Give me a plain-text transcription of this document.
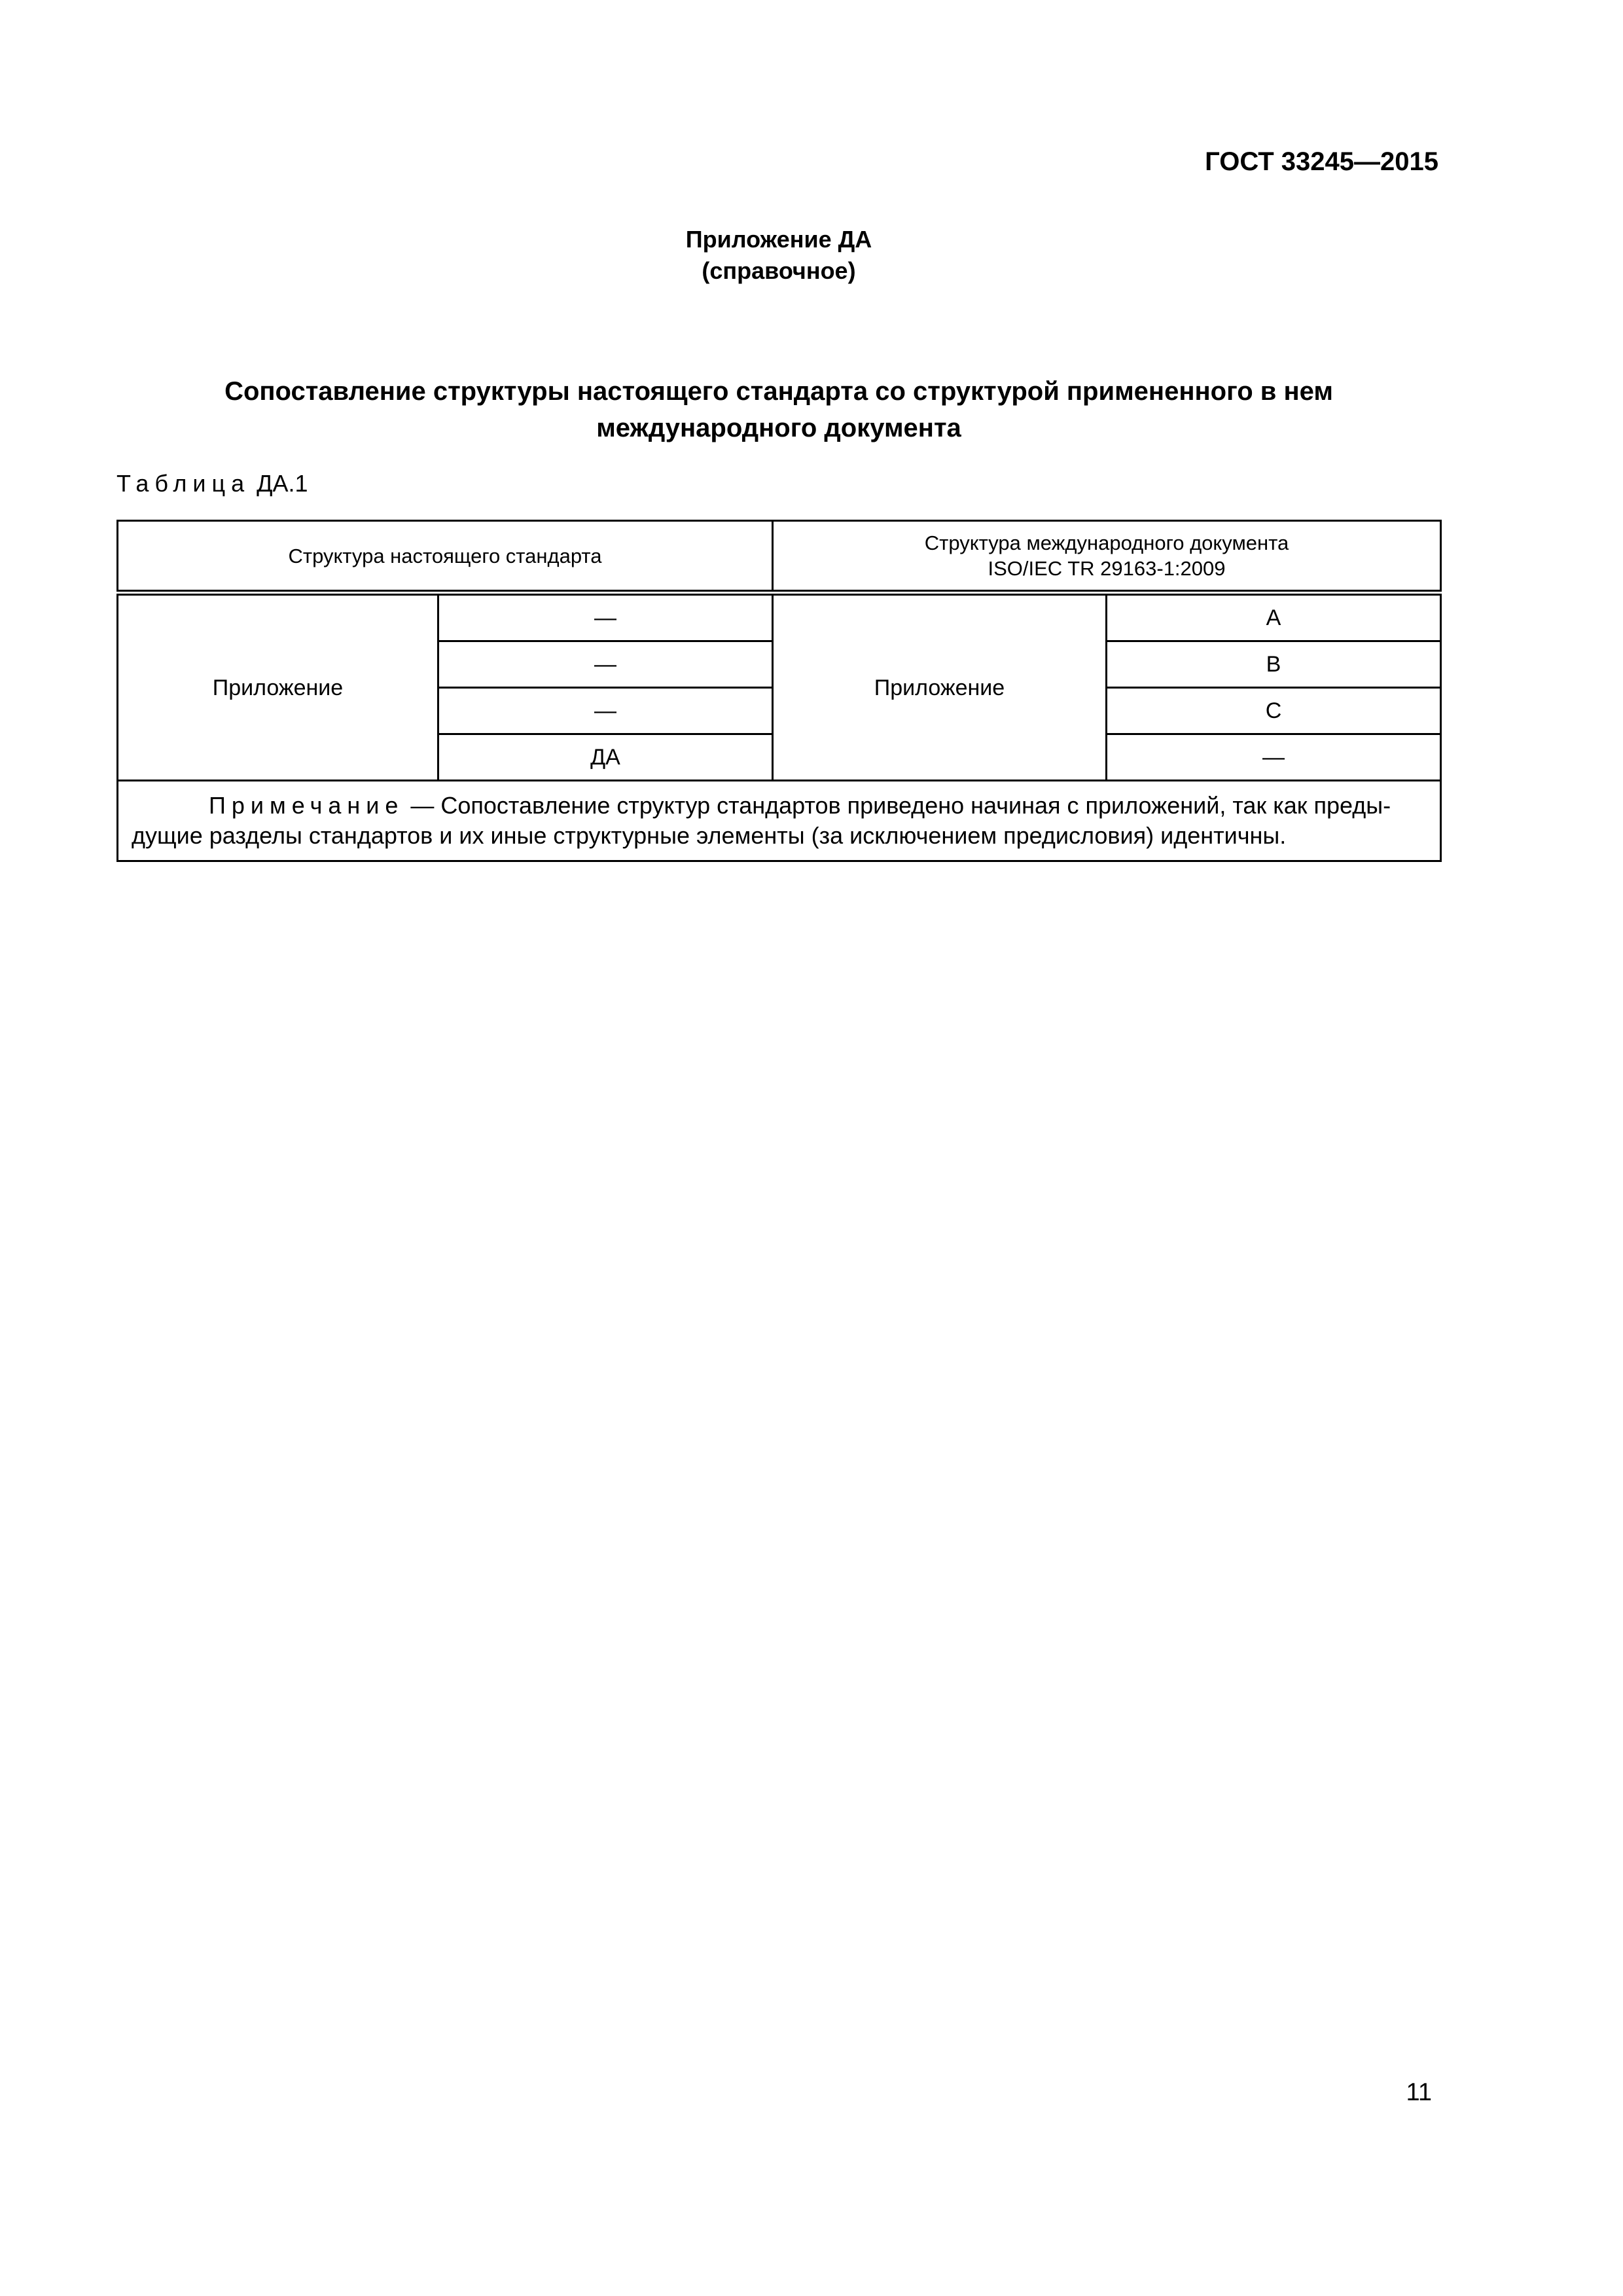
ГОСТ 33245—2015
Приложение ДА
(справочное)
Сопоставление структуры настоящего стандарта со структурой примененного в нем
международного документа
Таблица ДА.1
Структура настоящего стандарта		Структура международного документа
ISO/IEC TR 29163-1:2009	

Приложение	—	Приложение	A
	—		B
	—		C
	ДА		—
Примечание — Сопоставление структур стандартов приведено начиная с приложений, так как преды-
дущие разделы стандартов и их иные структурные элементы (за исключением предисловия) идентичны.			
11
